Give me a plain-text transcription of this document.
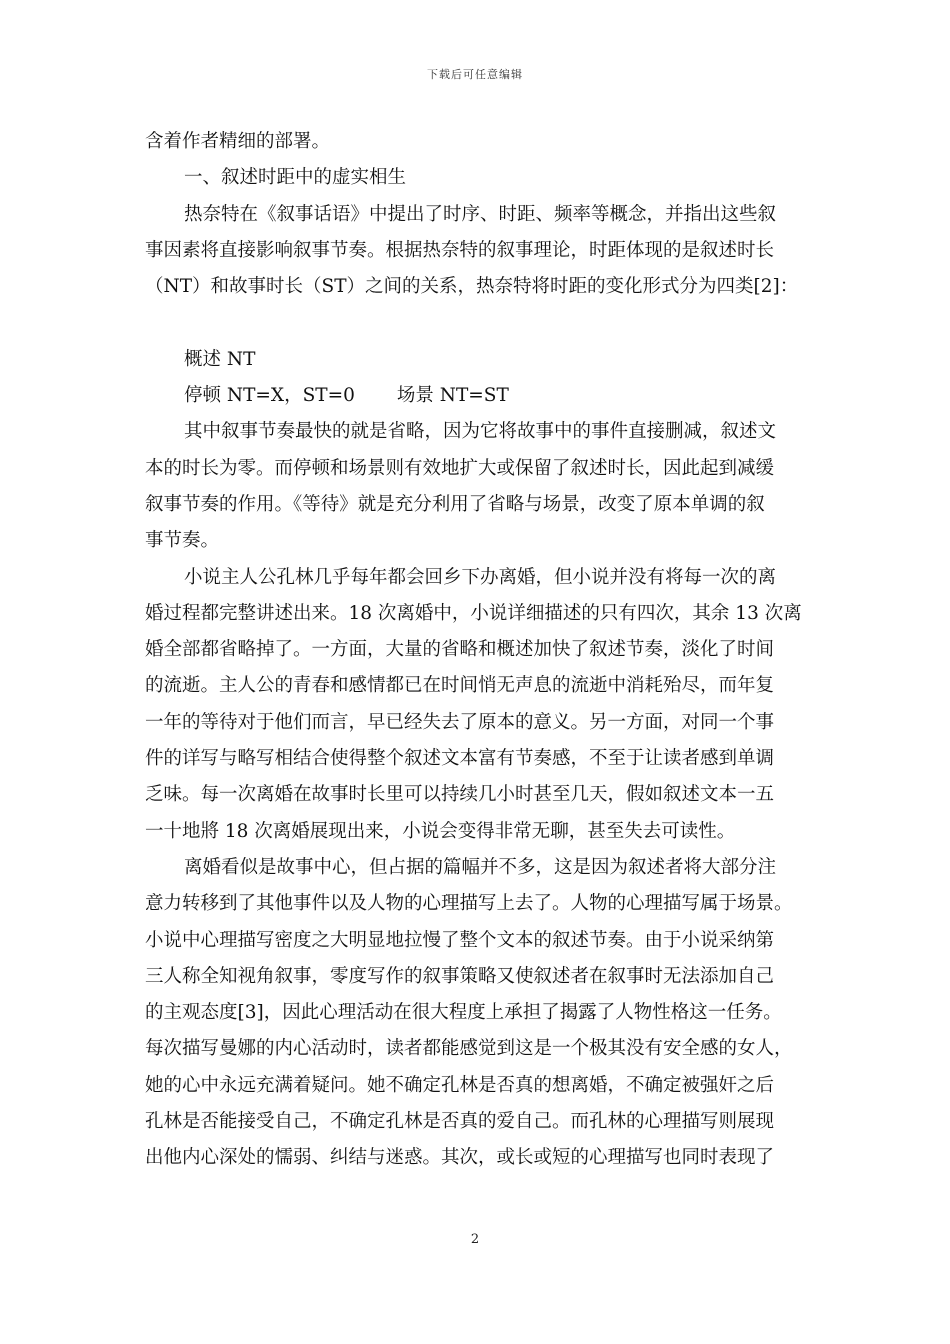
下载后可任意编辑
含着作者精细的部署。
一、叙述时距中的虚实相生
热奈特在《叙事话语》中提出了时序、时距、频率等概念，并指出这些叙
事因素将直接影响叙事节奏。根据热奈特的叙事理论，时距体现的是叙述时长
（NT）和故事时长（ST）之间的关系，热奈特将时距的变化形式分为四类[2]：
概述 NT
停顿 NT=X，ST=0 场景 NT=ST
其中叙事节奏最快的就是省略，因为它将故事中的事件直接删减，叙述文
本的时长为零。而停顿和场景则有效地扩大或保留了叙述时长，因此起到减缓
叙事节奏的作用。《等待》就是充分利用了省略与场景，改变了原本单调的叙
事节奏。
小说主人公孔林几乎每年都会回乡下办离婚，但小说并没有将每一次的离
婚过程都完整讲述出来。18 次离婚中，小说详细描述的只有四次，其余 13 次离
婚全部都省略掉了。一方面，大量的省略和概述加快了叙述节奏，淡化了时间
的流逝。主人公的青春和感情都已在时间悄无声息的流逝中消耗殆尽，而年复
一年的等待对于他们而言，早已经失去了原本的意义。另一方面，对同一个事
件的详写与略写相结合使得整个叙述文本富有节奏感，不至于让读者感到单调
乏味。每一次离婚在故事时长里可以持续几小时甚至几天，假如叙述文本一五
一十地將 18 次离婚展现出来，小说会变得非常无聊，甚至失去可读性。
离婚看似是故事中心，但占据的篇幅并不多，这是因为叙述者将大部分注
意力转移到了其他事件以及人物的心理描写上去了。人物的心理描写属于场景。
小说中心理描写密度之大明显地拉慢了整个文本的叙述节奏。由于小说采纳第
三人称全知视角叙事，零度写作的叙事策略又使叙述者在叙事时无法添加自己
的主观态度[3]，因此心理活动在很大程度上承担了揭露了人物性格这一任务。
每次描写曼娜的内心活动时，读者都能感觉到这是一个极其没有安全感的女人，
她的心中永远充满着疑问。她不确定孔林是否真的想离婚，不确定被强奸之后
孔林是否能接受自己，不确定孔林是否真的爱自己。而孔林的心理描写则展现
出他内心深处的懦弱、纠结与迷惑。其次，或长或短的心理描写也同时表现了
2
